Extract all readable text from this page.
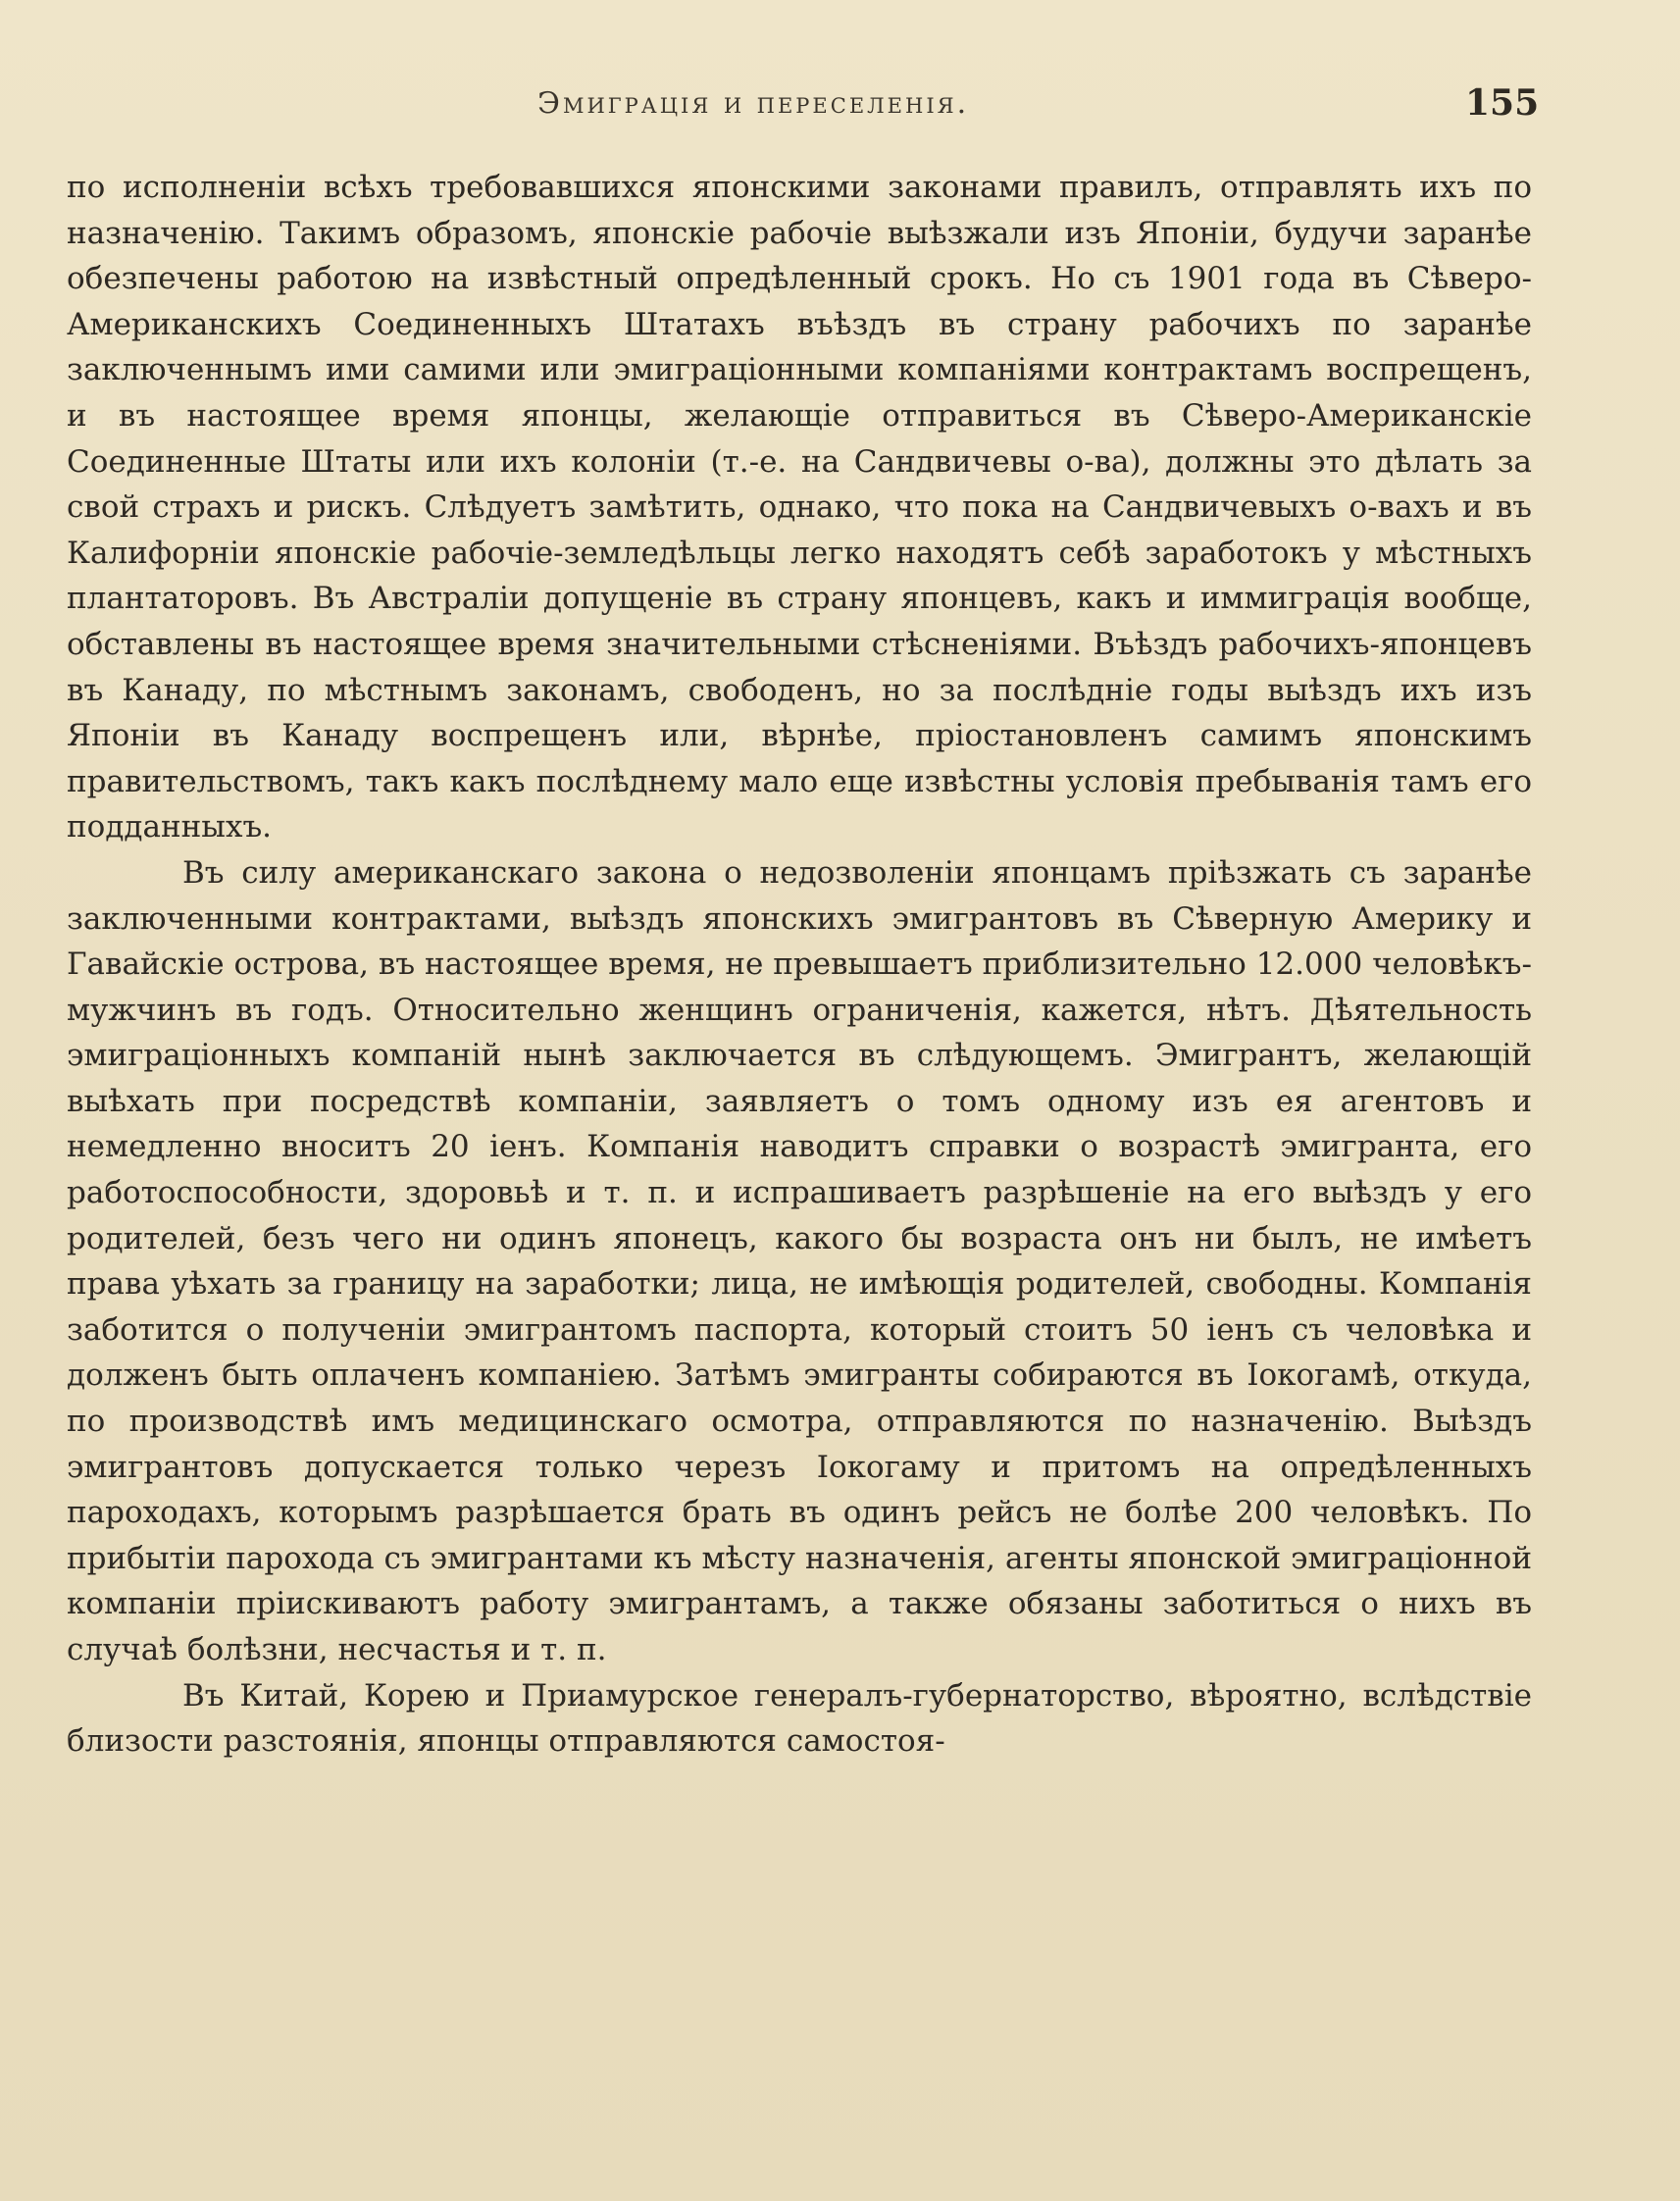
Эмиграція и переселенія.	155

по исполненіи всѣхъ требовавшихся японскими законами правилъ, отправлять ихъ по назначенію. Такимъ образомъ, японскіе рабочіе выѣзжали изъ Японіи, будучи заранѣе обезпечены работою на извѣстный опредѣленный срокъ. Но съ 1901 года въ Сѣверо-Американскихъ Соединенныхъ Штатахъ въѣздъ въ страну рабочихъ по заранѣе заключеннымъ ими самими или эмиграціонными компаніями контрактамъ воспрещенъ, и въ настоящее время японцы, желающіе отправиться въ Сѣверо-Американскіе Соединенные Штаты или ихъ колоніи (т.-е. на Сандвичевы о-ва), должны это дѣлать за свой страхъ и рискъ. Слѣдуетъ замѣтить, однако, что пока на Сандвичевыхъ о-вахъ и въ Калифорніи японскіе рабочіе-земледѣльцы легко находятъ себѣ заработокъ у мѣстныхъ плантаторовъ. Въ Австраліи допущеніе въ страну японцевъ, какъ и иммиграція вообще, обставлены въ настоящее время значительными стѣсненіями. Въѣздъ рабочихъ-японцевъ въ Канаду, по мѣстнымъ законамъ, свободенъ, но за послѣдніе годы выѣздъ ихъ изъ Японіи въ Канаду воспрещенъ или, вѣрнѣе, пріостановленъ самимъ японскимъ правительствомъ, такъ какъ послѣднему мало еще извѣстны условія пребыванія тамъ его подданныхъ.

Въ силу американскаго закона о недозволеніи японцамъ пріѣзжать съ заранѣе заключенными контрактами, выѣздъ японскихъ эмигрантовъ въ Сѣверную Америку и Гавайскіе острова, въ настоящее время, не превышаетъ приблизительно 12.000 человѣкъ-мужчинъ въ годъ. Относительно женщинъ ограниченія, кажется, нѣтъ. Дѣятельность эмиграціонныхъ компаній нынѣ заключается въ слѣдующемъ. Эмигрантъ, желающій выѣхать при посредствѣ компаніи, заявляетъ о томъ одному изъ ея агентовъ и немедленно вноситъ 20 іенъ. Компанія наводитъ справки о возрастѣ эмигранта, его работоспособности, здоровьѣ и т. п. и испрашиваетъ разрѣшеніе на его выѣздъ у его родителей, безъ чего ни одинъ японецъ, какого бы возраста онъ ни былъ, не имѣетъ права уѣхать за границу на заработки; лица, не имѣющія родителей, свободны. Компанія заботится о полученіи эмигрантомъ паспорта, который стоитъ 50 іенъ съ человѣка и долженъ быть оплаченъ компаніею. Затѣмъ эмигранты собираются въ Іокогамѣ, откуда, по производствѣ имъ медицинскаго осмотра, отправляются по назначенію. Выѣздъ эмигрантовъ допускается только черезъ Іокогаму и притомъ на опредѣленныхъ пароходахъ, которымъ разрѣшается брать въ одинъ рейсъ не болѣе 200 человѣкъ. По прибытіи парохода съ эмигрантами къ мѣсту назначенія, агенты японской эмиграціонной компаніи пріискиваютъ работу эмигрантамъ, а также обязаны заботиться о нихъ въ случаѣ болѣзни, несчастья и т. п.

Въ Китай, Корею и Приамурское генералъ-губернаторство, вѣроятно, вслѣдствіе близости разстоянія, японцы отправляются самостоя-
